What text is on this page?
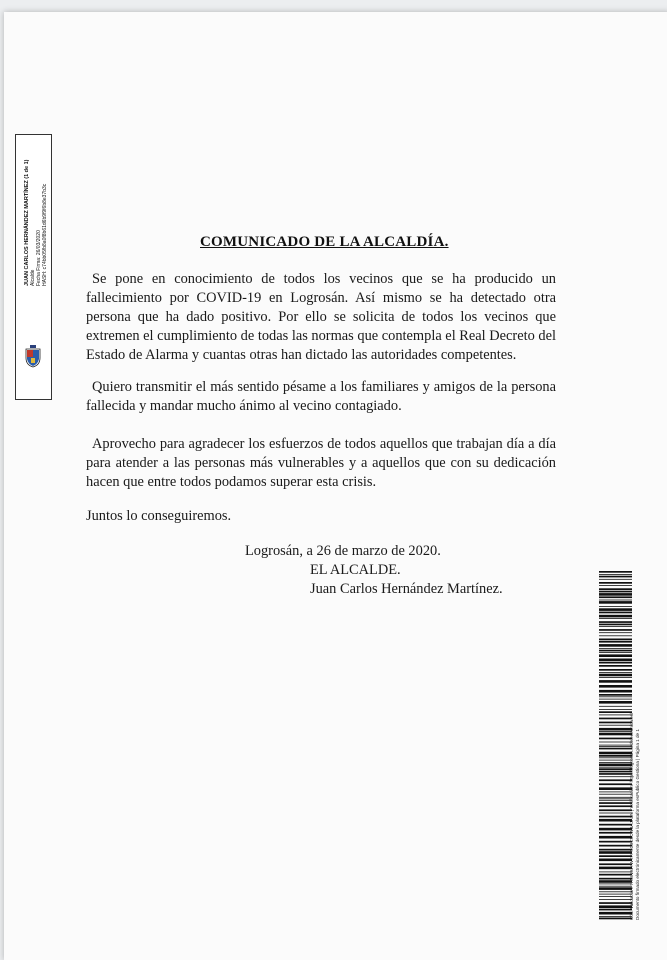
JUAN CARLOS HERNÁNDEZ MARTÍNEZ (1 de 1) Alcalde Fecha Firma: 26/03/2020 HASH: c74bb05fb8a0f8b61d6b9f9f6b8e37b3c	COMUNICADO DE LA ALCALDÍA.
Se pone en conocimiento de todos los vecinos que se ha producido un fallecimiento por COVID-19 en Logrosán. Así mismo se ha detectado otra persona que ha dado positivo. Por ello se solicita de todos los vecinos que extremen el cumplimiento de todas las normas que contempla el Real Decreto del Estado de Alarma y cuantas otras han dictado las autoridades competentes.
Quiero transmitir el más sentido pésame a los familiares y amigos de la persona fallecida y mandar mucho ánimo al vecino contagiado.
Aprovecho para agradecer los esfuerzos de todos aquellos que trabajan día a día para atender a las personas más vulnerables y a aquellos que con su dedicación hacen que entre todos podamos superar esta crisis.
Juntos lo conseguiremos.
Logrosán, a 26 de marzo de 2020.
EL ALCALDE.
Juan Carlos Hernández Martínez.
Cód. Validación: 7AWN9JYWTFPXC9C9CW3AJA3N | Verificación: https://logrosan.sedelectronica.es/ Documento firmado electrónicamente desde la plataforma esPublico Gestiona | Página 1 de 1
